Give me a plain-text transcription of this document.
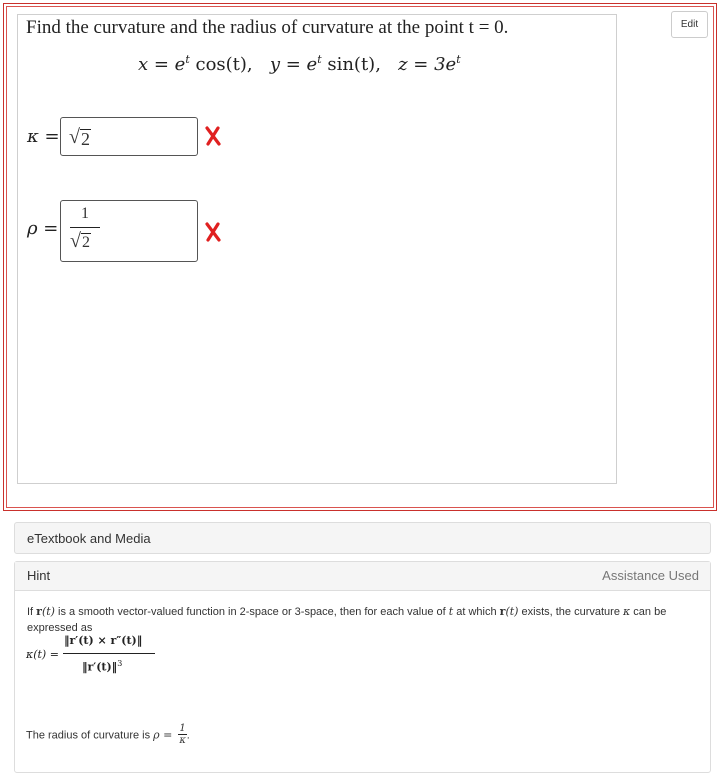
Edit
Find the curvature and the radius of curvature at the point t = 0.
$x = e^t$ cos(t), $y = e^t$ sin(t), $z = 3e^t$
κ = √ 2
ρ =
1
√ 2
eTextbook and Media
Hint	Assistance Used
If r(t) is a smooth vector-valued function in 2-space or 3-space, then for each value of t at which r(t) exists, the curvature κ can be expressed as
κ(t) =
‖r′(t) × r″(t)‖
‖r′(t)‖$^3$
The radius of curvature is $\rho = \frac{1}{\kappa}$ .
